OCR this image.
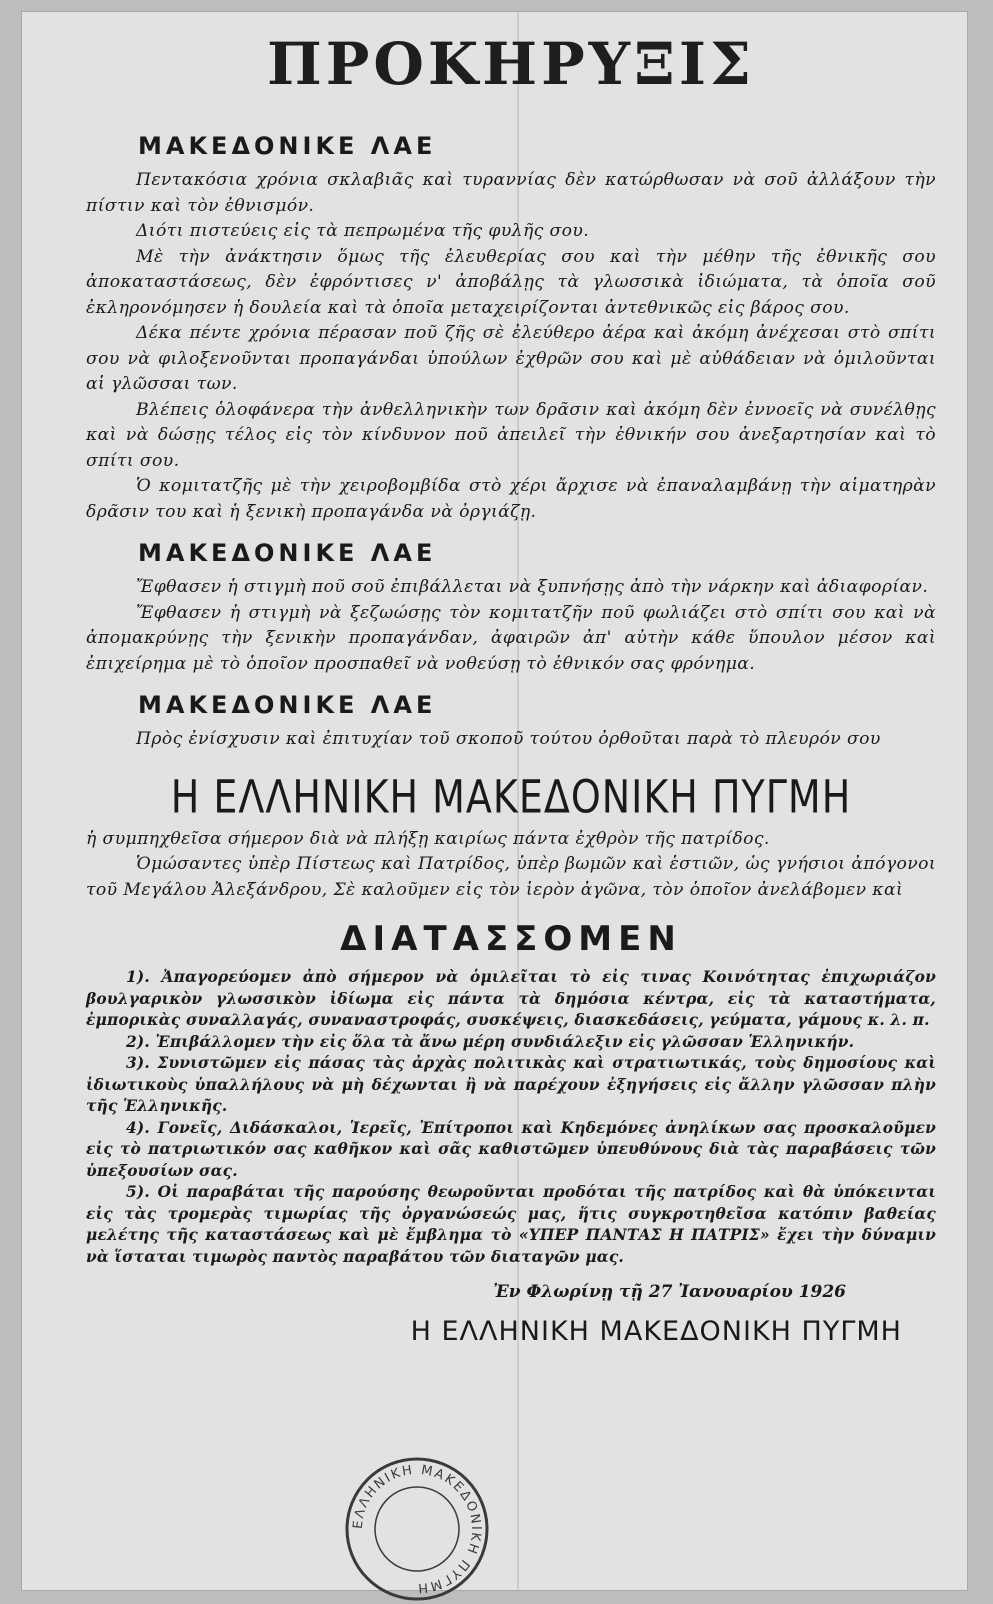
ΠΡΟΚΗΡΥΞΙΣ
ΜΑΚΕΔΟΝΙΚΕ ΛΑΕ

Πεντακόσια χρόνια σκλαβιᾶς καὶ τυραννίας δὲν κατώρθωσαν νὰ σοῦ ἀλλάξουν τὴν πίστιν καὶ τὸν ἐθνισμόν.

Διότι πιστεύεις εἰς τὰ πεπρωμένα τῆς φυλῆς σου.

Μὲ τὴν ἀνάκτησιν ὅμως τῆς ἐλευθερίας σου καὶ τὴν μέθην τῆς ἐθνικῆς σου ἀποκαταστάσεως, δὲν ἐφρόντισες ν' ἀποβάλῃς τὰ γλωσσικὰ ἰδιώματα, τὰ ὁποῖα σοῦ ἐκληρονόμησεν ἡ δουλεία καὶ τὰ ὁποῖα μεταχειρίζονται ἀντεθνικῶς εἰς βάρος σου.

Δέκα πέντε χρόνια πέρασαν ποῦ ζῆς σὲ ἐλεύθερο ἀέρα καὶ ἀκόμη ἀνέχεσαι στὸ σπίτι σου νὰ φιλοξενοῦνται προπαγάνδαι ὑπούλων ἐχθρῶν σου καὶ μὲ αὐθάδειαν νὰ ὁμιλοῦνται αἱ γλῶσσαι των.

Βλέπεις ὁλοφάνερα τὴν ἀνθελληνικὴν των δρᾶσιν καὶ ἀκόμη δὲν ἐννοεῖς νὰ συνέλθῃς καὶ νὰ δώσῃς τέλος εἰς τὸν κίνδυνον ποῦ ἀπειλεῖ τὴν ἐθνικήν σου ἀνεξαρτησίαν καὶ τὸ σπίτι σου.

Ὁ κομιτατζῆς μὲ τὴν χειροβομβίδα στὸ χέρι ἄρχισε νὰ ἐπαναλαμβάνῃ τὴν αἱματηρὰν δρᾶσιν του καὶ ἡ ξενικὴ προπαγάνδα νὰ ὀργιάζῃ.

ΜΑΚΕΔΟΝΙΚΕ ΛΑΕ

Ἔφθασεν ἡ στιγμὴ ποῦ σοῦ ἐπιβάλλεται νὰ ξυπνήσῃς ἀπὸ τὴν νάρκην καὶ ἀδιαφορίαν.

Ἔφθασεν ἡ στιγμὴ νὰ ξεζωώσῃς τὸν κομιτατζῆν ποῦ φωλιάζει στὸ σπίτι σου καὶ νὰ ἀπομακρύνῃς τὴν ξενικὴν προπαγάνδαν, ἀφαιρῶν ἀπ' αὐτὴν κάθε ὕπουλον μέσον καὶ ἐπιχείρημα μὲ τὸ ὁποῖον προσπαθεῖ νὰ νοθεύσῃ τὸ ἐθνικόν σας φρόνημα.

ΜΑΚΕΔΟΝΙΚΕ ΛΑΕ

Πρὸς ἐνίσχυσιν καὶ ἐπιτυχίαν τοῦ σκοποῦ τούτου ὀρθοῦται παρὰ τὸ πλευρόν σου

Η ΕΛΛΗΝΙΚΗ ΜΑΚΕΔΟΝΙΚΗ ΠΥΓΜΗ

ἡ συμπηχθεῖσα σήμερον διὰ νὰ πλήξῃ καιρίως πάντα ἐχθρὸν τῆς πατρίδος.

Ὁμώσαντες ὑπὲρ Πίστεως καὶ Πατρίδος, ὑπὲρ βωμῶν καὶ ἑστιῶν, ὡς γνήσιοι ἀπόγονοι τοῦ Μεγάλου Ἀλεξάνδρου, Σὲ καλοῦμεν εἰς τὸν ἱερὸν ἀγῶνα, τὸν ὁποῖον ἀνελάβομεν καὶ

ΔΙΑΤΑΣΣΟΜΕΝ

1). Ἀπαγορεύομεν ἀπὸ σήμερον νὰ ὁμιλεῖται τὸ εἰς τινας Κοινότητας ἐπιχωριάζον βουλγαρικὸν γλωσσικὸν ἰδίωμα εἰς πάντα τὰ δημόσια κέντρα, εἰς τὰ καταστήματα, ἐμπορικὰς συναλλαγάς, συναναστροφάς, συσκέψεις, διασκεδάσεις, γεύματα, γάμους κ. λ. π.

2). Ἐπιβάλλομεν τὴν εἰς ὅλα τὰ ἄνω μέρη συνδιάλεξιν εἰς γλῶσσαν Ἑλληνικήν.

3). Συνιστῶμεν εἰς πάσας τὰς ἀρχὰς πολιτικὰς καὶ στρατιωτικάς, τοὺς δημοσίους καὶ ἰδιωτικοὺς ὑπαλλήλους νὰ μὴ δέχωνται ἢ νὰ παρέχουν ἐξηγήσεις εἰς ἄλλην γλῶσσαν πλὴν τῆς Ἑλληνικῆς.

4). Γονεῖς, Διδάσκαλοι, Ἱερεῖς, Ἐπίτροποι καὶ Κηδεμόνες ἀνηλίκων σας προσκαλοῦμεν εἰς τὸ πατριωτικόν σας καθῆκον καὶ σᾶς καθιστῶμεν ὑπευθύνους διὰ τὰς παραβάσεις τῶν ὑπεξουσίων σας.

5). Οἱ παραβάται τῆς παρούσης θεωροῦνται προδόται τῆς πατρίδος καὶ θὰ ὑπόκεινται εἰς τὰς τρομερὰς τιμωρίας τῆς ὀργανώσεώς μας, ἥτις συγκροτηθεῖσα κατόπιν βαθείας μελέτης τῆς καταστάσεως καὶ μὲ ἔμβλημα τὸ «ΥΠΕΡ ΠΑΝΤΑΣ Η ΠΑΤΡΙΣ» ἔχει τὴν δύναμιν νὰ ἵσταται τιμωρὸς παντὸς παραβάτου τῶν διαταγῶν μας.

Ἐν Φλωρίνῃ τῇ 27 Ἰανουαρίου 1926
Η ΕΛΛΗΝΙΚΗ ΜΑΚΕΔΟΝΙΚΗ ΠΥΓΜΗ
ΕΛΛΗΝΙΚΗ ΜΑΚΕΔΟΝΙΚΗ ΠΥΓΜΗ
